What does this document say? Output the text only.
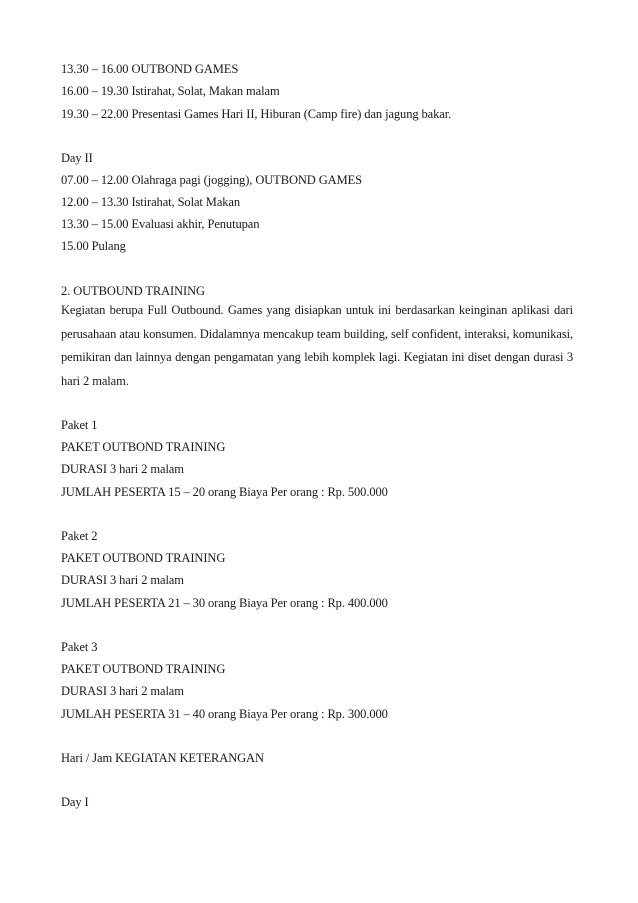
13.30 – 16.00 OUTBOND GAMES
16.00 – 19.30 Istirahat, Solat, Makan malam
19.30 – 22.00 Presentasi Games Hari II, Hiburan (Camp fire) dan jagung bakar.
Day II
07.00 – 12.00 Olahraga pagi (jogging), OUTBOND GAMES
12.00 – 13.30 Istirahat, Solat Makan
13.30 – 15.00 Evaluasi akhir, Penutupan
15.00 Pulang
2. OUTBOUND TRAINING
Kegiatan berupa Full Outbound. Games yang disiapkan untuk ini berdasarkan keinginan aplikasi dari perusahaan atau konsumen. Didalamnya mencakup team building, self confident, interaksi, komunikasi, pemikiran dan lainnya dengan pengamatan yang lebih komplek lagi. Kegiatan ini diset dengan durasi 3 hari 2 malam.
Paket 1
PAKET OUTBOND TRAINING
DURASI 3 hari 2 malam
JUMLAH PESERTA 15 – 20 orang Biaya Per orang : Rp. 500.000
Paket 2
PAKET OUTBOND TRAINING
DURASI 3 hari 2 malam
JUMLAH PESERTA 21 – 30 orang Biaya Per orang : Rp. 400.000
Paket 3
PAKET OUTBOND TRAINING
DURASI 3 hari 2 malam
JUMLAH PESERTA 31 – 40 orang Biaya Per orang : Rp. 300.000
Hari / Jam KEGIATAN KETERANGAN
Day I
